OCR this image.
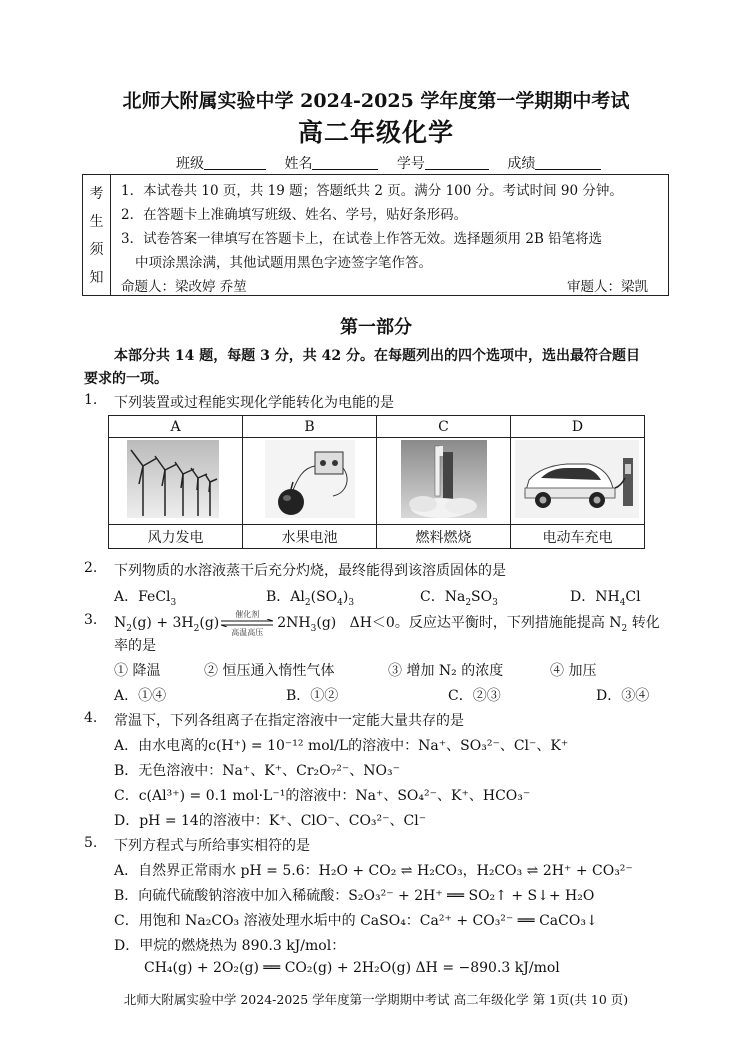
北师大附属实验中学 2024-2025 学年度第一学期期中考试
高二年级化学
班级	姓名	学号	成绩
考
生
须
知
1．本试卷共 10 页，共 19 题；答题纸共 2 页。满分 100 分。考试时间 90 分钟。
2．在答题卡上准确填写班级、姓名、学号，贴好条形码。
3．试卷答案一律填写在答题卡上，在试卷上作答无效。选择题须用 2B 铅笔将选
中项涂黑涂满，其他试题用黑色字迹签字笔作答。
命题人：梁改婷 乔堃	审题人：梁凯
第一部分
本部分共 14 题，每题 3 分，共 42 分。在每题列出的四个选项中，选出最符合题目
要求的一项。
1. 下列装置或过程能实现化学能转化为电能的是
A	B	C	D

风力发电	水果电池	燃料燃烧	电动车充电
2. 下列物质的水溶液蒸干后充分灼烧，最终能得到该溶质固体的是
A．FeCl$_3$	B．$Al_2(SO_4)_3$	C．$Na_2SO_3$	D．$NH_4Cl$
3. $N_2(g) + 3H_2(g)$
催化剂
高温高压
$2NH_3(g)$   ΔH＜0。反应达平衡时，下列措施能提高 $N_2$ 转化
率的是
① 降温	② 恒压通入惰性气体	③ 增加 N₂ 的浓度	④ 加压
A．①④	B．①②	C．②③	D．③④
4. 常温下，下列各组离子在指定溶液中一定能大量共存的是
A．由水电离的c(H⁺) = 10⁻¹² mol/L的溶液中：Na⁺、SO₃²⁻、Cl⁻、K⁺
B．无色溶液中：Na⁺、K⁺、Cr₂O₇²⁻、NO₃⁻
C．c(Al³⁺) = 0.1 mol·L⁻¹的溶液中：Na⁺、SO₄²⁻、K⁺、HCO₃⁻
D．pH = 14的溶液中：K⁺、ClO⁻、CO₃²⁻、Cl⁻
5. 下列方程式与所给事实相符的是
A．自然界正常雨水 pH = 5.6：H₂O + CO₂ ⇌ H₂CO₃，H₂CO₃ ⇌ 2H⁺ + CO₃²⁻
B．向硫代硫酸钠溶液中加入稀硫酸：S₂O₃²⁻ + 2H⁺ ══ SO₂↑ + S↓+ H₂O
C．用饱和 Na₂CO₃ 溶液处理水垢中的 CaSO₄：Ca²⁺ + CO₃²⁻ ══ CaCO₃↓
D．甲烷的燃烧热为 890.3 kJ/mol：
CH₄(g) + 2O₂(g) ══ CO₂(g) + 2H₂O(g) ΔH = −890.3 kJ/mol
北师大附属实验中学 2024-2025 学年度第一学期期中考试 高二年级化学 第 1页(共 10 页)
